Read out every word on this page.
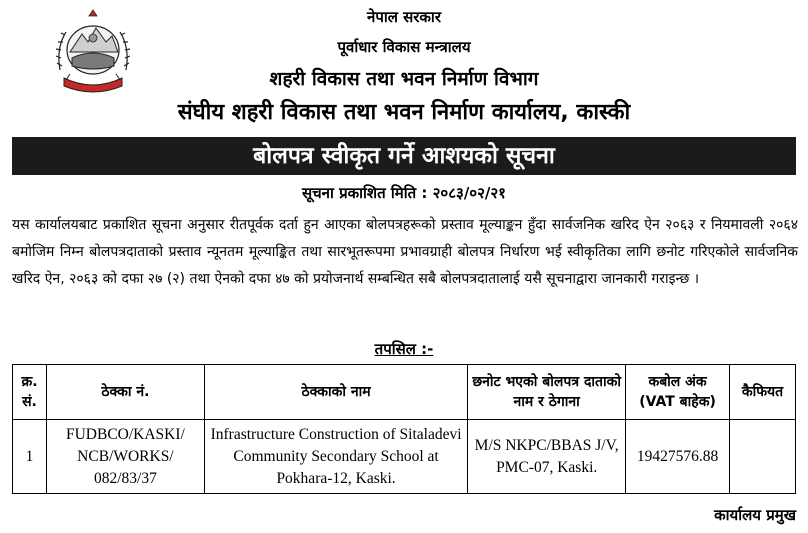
नेपाल सरकार
पूर्वाधार विकास मन्त्रालय
शहरी विकास तथा भवन निर्माण विभाग
संघीय शहरी विकास तथा भवन निर्माण कार्यालय, कास्की
बोलपत्र स्वीकृत गर्ने आशयको सूचना
सूचना प्रकाशित मिति : २०८३/०२/२१
यस कार्यालयबाट प्रकाशित सूचना अनुसार रीतपूर्वक दर्ता हुन आएका बोलपत्रहरूको प्रस्ताव मूल्याङ्कन हुँदा सार्वजनिक खरिद ऐन २०६३ र नियमावली २०६४ बमोजिम निम्न बोलपत्रदाताको प्रस्ताव न्यूनतम मूल्याङ्कित तथा सारभूतरूपमा प्रभावग्राही बोलपत्र निर्धारण भई स्वीकृतिका लागि छनोट गरिएकोले सार्वजनिक खरिद ऐन, २०६३ को दफा २७ (२) तथा ऐनको दफा ४७ को प्रयोजनार्थ सम्बन्धित सबै बोलपत्रदातालाई यसै सूचनाद्वारा जानकारी गराइन्छ ।
तपसिल :-
क्र. सं.	ठेक्का नं.	ठेक्काको नाम	छनोट भएको बोलपत्र दाताको नाम र ठेगाना	कबोल अंक (VAT बाहेक)	कैफियत
1	FUDBCO/KASKI/ NCB/WORKS/ 082/83/37	Infrastructure Construction of Sitaladevi Community Secondary School at Pokhara-12, Kaski.	M/S NKPC/BBAS J/V, PMC-07, Kaski.	19427576.88	
कार्यालय प्रमुख
